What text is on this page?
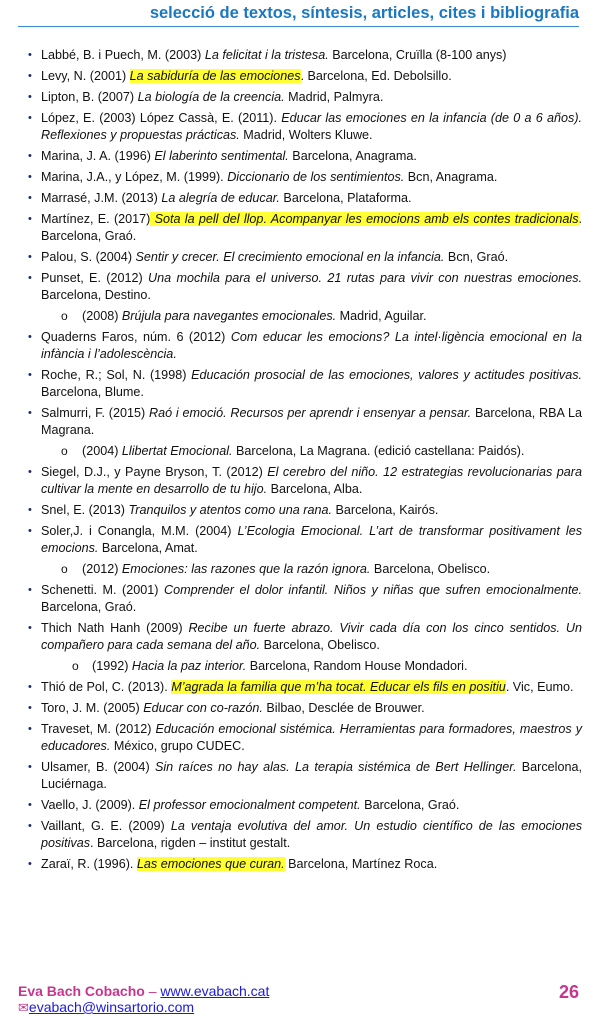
selecció de textos, síntesis, articles, cites i bibliografia
• Labbé, B. i Puech, M. (2003) La felicitat i la tristesa. Barcelona, Cruïlla (8-100 anys)
• Levy, N. (2001) La sabiduría de las emociones. Barcelona, Ed. Debolsillo.
• Lipton, B. (2007) La biología de la creencia. Madrid, Palmyra.
• López, E. (2003) López Cassà, E. (2011). Educar las emociones en la infancia (de 0 a 6 años). Reflexiones y propuestas prácticas. Madrid, Wolters Kluwe.
• Marina, J. A. (1996) El laberinto sentimental. Barcelona, Anagrama.
• Marina, J.A., y López, M. (1999). Diccionario de los sentimientos. Bcn, Anagrama.
• Marrasé, J.M. (2013) La alegría de educar. Barcelona, Plataforma.
• Martínez, E. (2017) Sota la pell del llop. Acompanyar les emocions amb els contes tradicionals. Barcelona, Graó.
• Palou, S. (2004) Sentir y crecer. El crecimiento emocional en la infancia. Bcn, Graó.
• Punset, E. (2012) Una mochila para el universo. 21 rutas para vivir con nuestras emociones. Barcelona, Destino.
o (2008) Brújula para navegantes emocionales. Madrid, Aguilar.
• Quaderns Faros, núm. 6 (2012) Com educar les emocions? La intel·ligència emocional en la infància i l’adolescència.
• Roche, R.; Sol, N. (1998) Educación prosocial de las emociones, valores y actitudes positivas. Barcelona, Blume.
• Salmurri, F. (2015) Raó i emoció. Recursos per aprendr i ensenyar a pensar. Barcelona, RBA La Magrana.
o (2004) Llibertat Emocional. Barcelona, La Magrana. (edició castellana: Paidós).
• Siegel, D.J., y Payne Bryson, T. (2012) El cerebro del niño. 12 estrategias revolucionarias para cultivar la mente en desarrollo de tu hijo. Barcelona, Alba.
• Snel, E. (2013) Tranquilos y atentos como una rana. Barcelona, Kairós.
• Soler,J. i Conangla, M.M. (2004) L’Ecologia Emocional. L’art de transformar positivament les emocions. Barcelona, Amat.
o (2012) Emociones: las razones que la razón ignora. Barcelona, Obelisco.
• Schenetti. M. (2001) Comprender el dolor infantil. Niños y niñas que sufren emocionalmente. Barcelona, Graó.
• Thich Nath Hanh (2009) Recibe un fuerte abrazo. Vivir cada día con los cinco sentidos. Un compañero para cada semana del año. Barcelona, Obelisco.
o (1992) Hacia la paz interior. Barcelona, Random House Mondadori.
• Thió de Pol, C. (2013). M’agrada la familia que m’ha tocat. Educar els fils en positiu. Vic, Eumo.
• Toro, J. M. (2005) Educar con co-razón. Bilbao, Desclée de Brouwer.
• Traveset, M. (2012) Educación emocional sistémica. Herramientas para formadores, maestros y educadores. México, grupo CUDEC.
• Ulsamer, B. (2004) Sin raíces no hay alas. La terapia sistémica de Bert Hellinger. Barcelona, Luciérnaga.
• Vaello, J. (2009). El professor emocionalment competent. Barcelona, Graó.
• Vaillant, G. E. (2009) La ventaja evolutiva del amor. Un estudio científico de las emociones positivas. Barcelona, rigden – institut gestalt.
• Zaraï, R. (1996). Las emociones que curan. Barcelona, Martínez Roca.
Eva Bach Cobacho – www.evabach.cat
✉evabach@winsartorio.com
26
